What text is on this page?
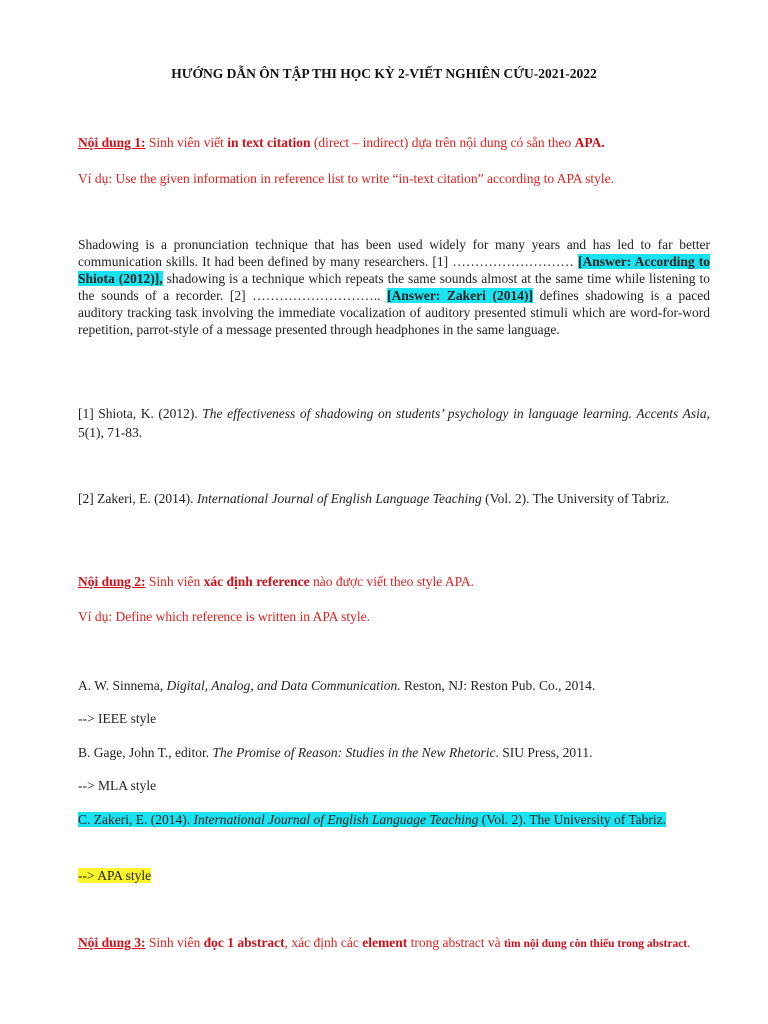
HƯỚNG DẪN ÔN TẬP THI HỌC KỲ 2-VIẾT NGHIÊN CỨU-2021-2022

Nội dung 1: Sinh viên viết in text citation (direct – indirect) dựa trên nội dung có sẵn theo APA.

Ví dụ: Use the given information in reference list to write “in-text citation” according to APA style.

Shadowing is a pronunciation technique that has been used widely for many years and has led to far better communication skills. It had been defined by many researchers. [1] ……………………… [Answer: According to Shiota (2012)], shadowing is a technique which repeats the same sounds almost at the same time while listening to the sounds of a recorder. [2] ……………………….. [Answer: Zakeri (2014)] defines shadowing is a paced auditory tracking task involving the immediate vocalization of auditory presented stimuli which are word-for-word repetition, parrot-style of a message presented through headphones in the same language.

[1] Shiota, K. (2012). The effectiveness of shadowing on students’ psychology in language learning. Accents Asia, 5(1), 71-83.

[2] Zakeri, E. (2014). International Journal of English Language Teaching (Vol. 2). The University of Tabriz.

Nội dung 2: Sinh viên xác định reference nào được viết theo style APA.

Ví dụ: Define which reference is written in APA style.

A. W. Sinnema, Digital, Analog, and Data Communication. Reston, NJ: Reston Pub. Co., 2014.

--> IEEE style

B. Gage, John T., editor. The Promise of Reason: Studies in the New Rhetoric. SIU Press, 2011.

--> MLA style

C. Zakeri, E. (2014). International Journal of English Language Teaching (Vol. 2). The University of Tabriz.

--> APA style

Nội dung 3: Sinh viên đọc 1 abstract, xác định các element trong abstract và tìm nội dung còn thiếu trong abstract.
